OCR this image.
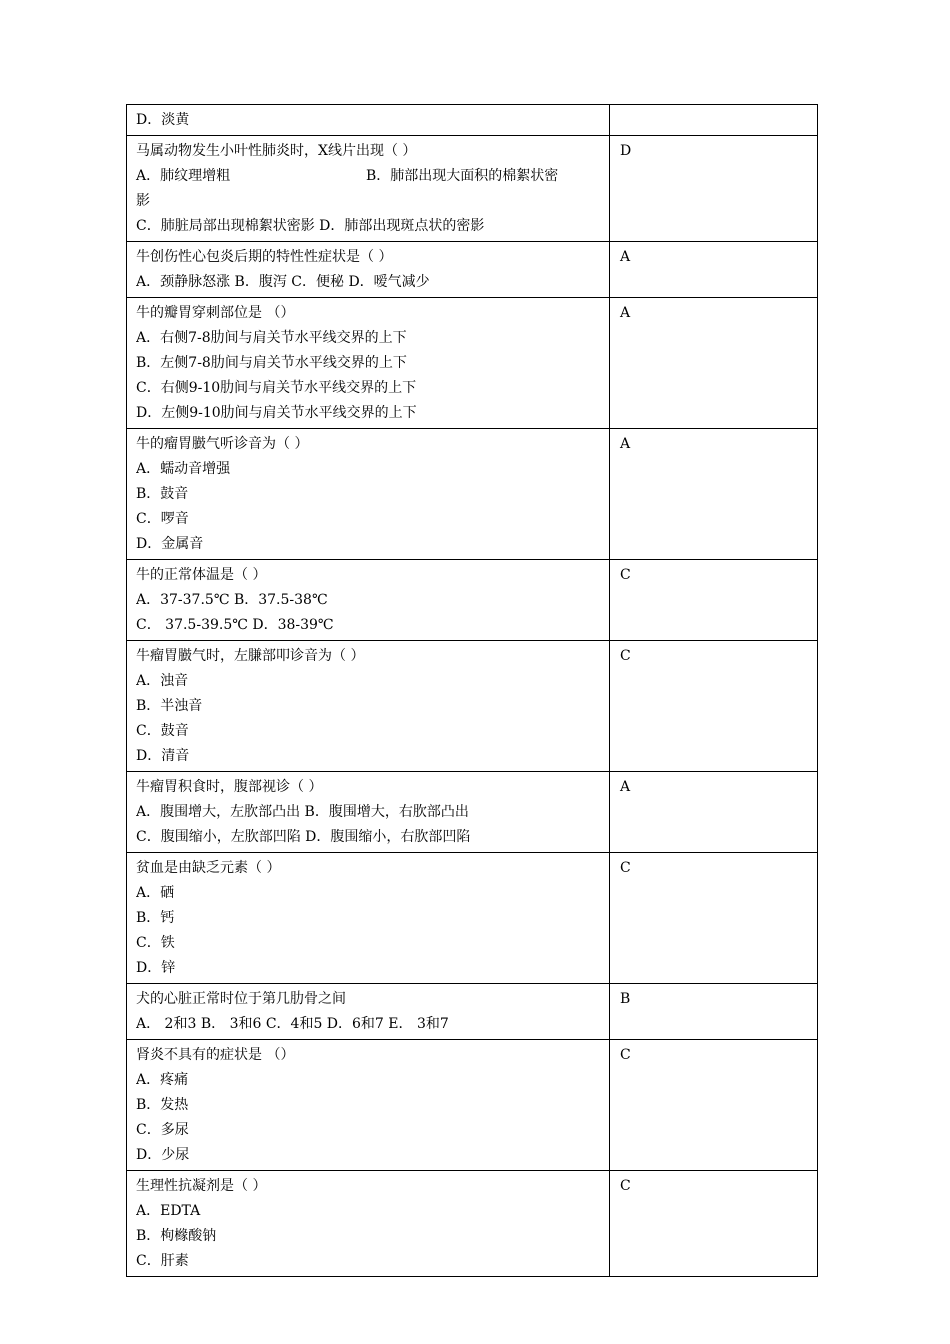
D．淡黄	

马属动物发生小叶性肺炎时，X线片出现（ ）
A．肺纹理增粗 B．肺部出现大面积的棉絮状密
影
C．肺脏局部出现棉絮状密影 D．肺部出现斑点状的密影	D

牛创伤性心包炎后期的特性性症状是（ ）
A．颈静脉怒涨 B．腹泻 C．便秘 D．嗳气减少	A

牛的瓣胃穿刺部位是 （）
A．右侧7-8肋间与肩关节水平线交界的上下
B．左侧7-8肋间与肩关节水平线交界的上下
C．右侧9-10肋间与肩关节水平线交界的上下
D．左侧9-10肋间与肩关节水平线交界的上下	A

牛的瘤胃臌气听诊音为（ ）
A．蠕动音增强
B．鼓音
C．啰音
D．金属音	A

牛的正常体温是（ ）
A．37-37.5℃ B．37.5-38℃
C． 37.5-39.5℃ D．38-39℃	C

牛瘤胃臌气时，左膁部叩诊音为（ ）
A．浊音
B．半浊音
C．鼓音
D．清音	C

牛瘤胃积食时，腹部视诊（ ）
A．腹围增大，左肷部凸出 B．腹围增大，右肷部凸出
C．腹围缩小，左肷部凹陷 D．腹围缩小，右肷部凹陷	A

贫血是由缺乏元素（ ）
A．硒
B．钙
C．铁
D．锌	C

犬的心脏正常时位于第几肋骨之间
A． 2和3 B． 3和6 C．4和5 D．6和7 E． 3和7	B

肾炎不具有的症状是 （）
A．疼痛
B．发热
C．多尿
D．少尿	C

生理性抗凝剂是（ ）
A．EDTA
B．枸橼酸钠
C．肝素	C
